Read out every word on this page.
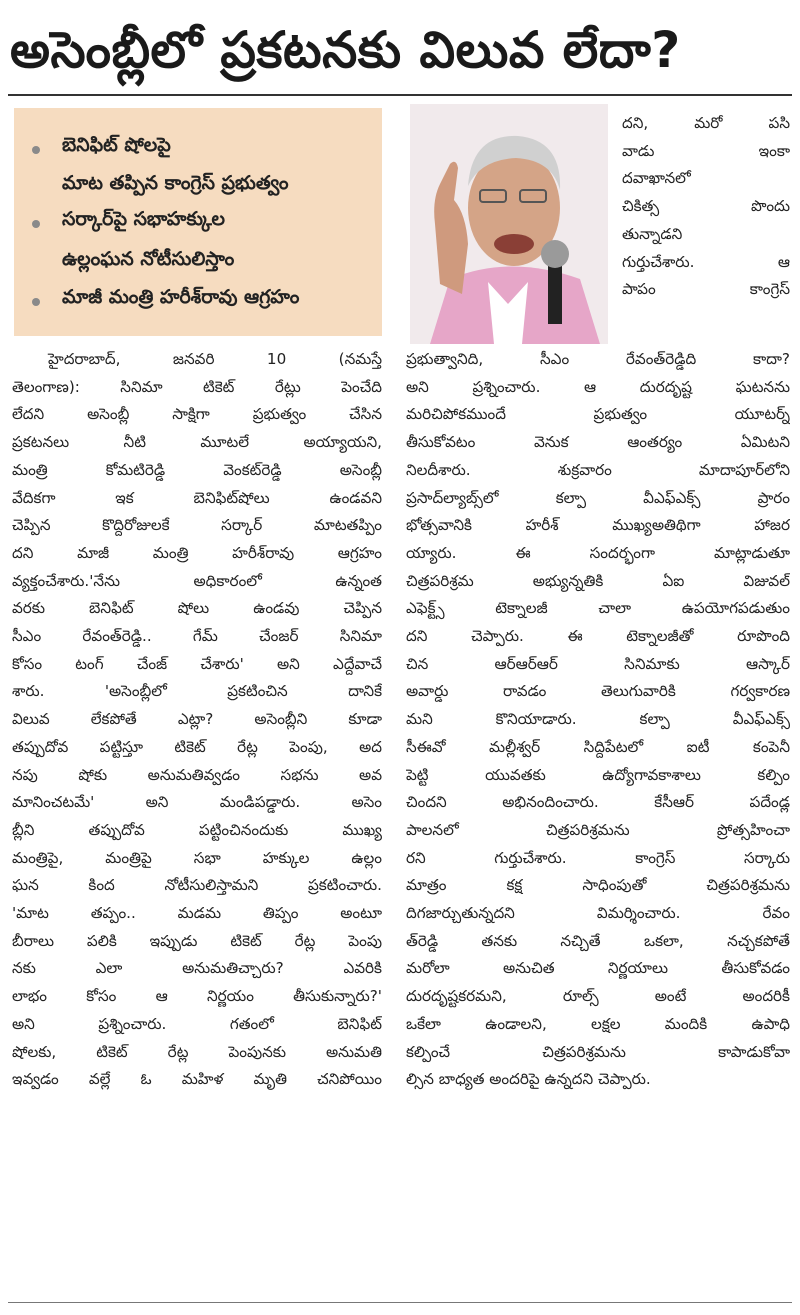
అసెంబ్లీలో ప్రకటనకు విలువ లేదా?
బెనిఫిట్ షోలపై
మాట తప్పిన కాంగ్రెస్ ప్రభుత్వం
సర్కార్‌పై సభాహక్కుల
ఉల్లంఘన నోటీసులిస్తాం
మాజీ మంత్రి హరీశ్‌రావు ఆగ్రహం
దని, మరో పసి
వాడు ఇంకా
దవాఖానలో
చికిత్స పొందు
తున్నాడని
గుర్తుచేశారు. ఆ
పాపం కాంగ్రెస్
హైదరాబాద్, జనవరి 10 (నమస్తే
తెలంగాణ): సినిమా టికెట్ రేట్లు పెంచేది
లేదని అసెంబ్లీ సాక్షిగా ప్రభుత్వం చేసిన
ప్రకటనలు నీటి మూటలే అయ్యాయని,
మంత్రి కోమటిరెడ్డి వెంకట్‌రెడ్డి అసెంబ్లీ
వేదికగా ఇక బెనిఫిట్‌షోలు ఉండవని
చెప్పిన కొద్దిరోజులకే సర్కార్ మాటతప్పిం
దని మాజీ మంత్రి హరీశ్‌రావు ఆగ్రహం
వ్యక్తంచేశారు.'నేను అధికారంలో ఉన్నంత
వరకు బెనిఫిట్ షోలు ఉండవు చెప్పిన
సీఎం రేవంత్‌రెడ్డి.. గేమ్ చేంజర్ సినిమా
కోసం టంగ్ చేంజ్ చేశారు' అని ఎద్దేవాచే
శారు. 'అసెంబ్లీలో ప్రకటించిన దానికే
విలువ లేకపోతే ఎట్లా? అసెంబ్లీని కూడా
తప్పుదోవ పట్టిస్తూ టికెట్ రేట్ల పెంపు, అద
నపు షోకు అనుమతివ్వడం సభను అవ
మానించటమే' అని మండిపడ్డారు. అసెం
బ్లీని తప్పుదోవ పట్టించినందుకు ముఖ్య
మంత్రిపై, మంత్రిపై సభా హక్కుల ఉల్లం
ఘన కింద నోటీసులిస్తామని ప్రకటించారు.
'మాట తప్పం.. మడమ తిప్పం అంటూ
బీరాలు పలికి ఇప్పుడు టికెట్ రేట్ల పెంపు
నకు ఎలా అనుమతిచ్చారు? ఎవరికి
లాభం కోసం ఆ నిర్ణయం తీసుకున్నారు?'
అని ప్రశ్నించారు. గతంలో బెనిఫిట్
షోలకు, టికెట్ రేట్ల పెంపునకు అనుమతి
ఇవ్వడం వల్లే ఓ మహిళ మృతి చనిపోయిం
ప్రభుత్వానిది, సీఎం రేవంత్‌రెడ్డిది కాదా?
అని ప్రశ్నించారు. ఆ దురదృష్ట ఘటనను
మరిచిపోకముందే ప్రభుత్వం యూటర్న్
తీసుకోవటం వెనుక ఆంతర్యం ఏమిటని
నిలదీశారు. శుక్రవారం మాదాపూర్‌లోని
ప్రసాద్‌ల్యాబ్స్‌లో కల్పా వీఎఫ్‌ఎక్స్ ప్రారం
భోత్సవానికి హరీశ్ ముఖ్యఅతిథిగా హాజర
య్యారు. ఈ సందర్భంగా మాట్లాడుతూ
చిత్రపరిశ్రమ అభ్యున్నతికి ఏఐ విజువల్
ఎఫెక్ట్స్ టెక్నాలజీ చాలా ఉపయోగపడుతుం
దని చెప్పారు. ఈ టెక్నాలజీతో రూపొంది
చిన ఆర్‌ఆర్‌ఆర్ సినిమాకు ఆస్కార్
అవార్డు రావడం తెలుగువారికి గర్వకారణ
మని కొనియాడారు. కల్పా వీఎఫ్‌ఎక్స్
సీఈవో మల్లీశ్వర్ సిద్దిపేటలో ఐటీ కంపెనీ
పెట్టి యువతకు ఉద్యోగావకాశాలు కల్పిం
చిందని అభినందించారు. కేసీఆర్ పదేండ్ల
పాలనలో చిత్రపరిశ్రమను ప్రోత్సహించా
రని గుర్తుచేశారు. కాంగ్రెస్ సర్కారు
మాత్రం కక్ష సాధింపుతో చిత్రపరిశ్రమను
దిగజార్చుతున్నదని విమర్శించారు. రేవం
త్‌రెడ్డి తనకు నచ్చితే ఒకలా, నచ్చకపోతే
మరోలా అనుచిత నిర్ణయాలు తీసుకోవడం
దురదృష్టకరమని, రూల్స్ అంటే అందరికీ
ఒకేలా ఉండాలని, లక్షల మందికి ఉపాధి
కల్పించే చిత్రపరిశ్రమను కాపాడుకోవా
ల్సిన బాధ్యత అందరిపై ఉన్నదని చెప్పారు.
